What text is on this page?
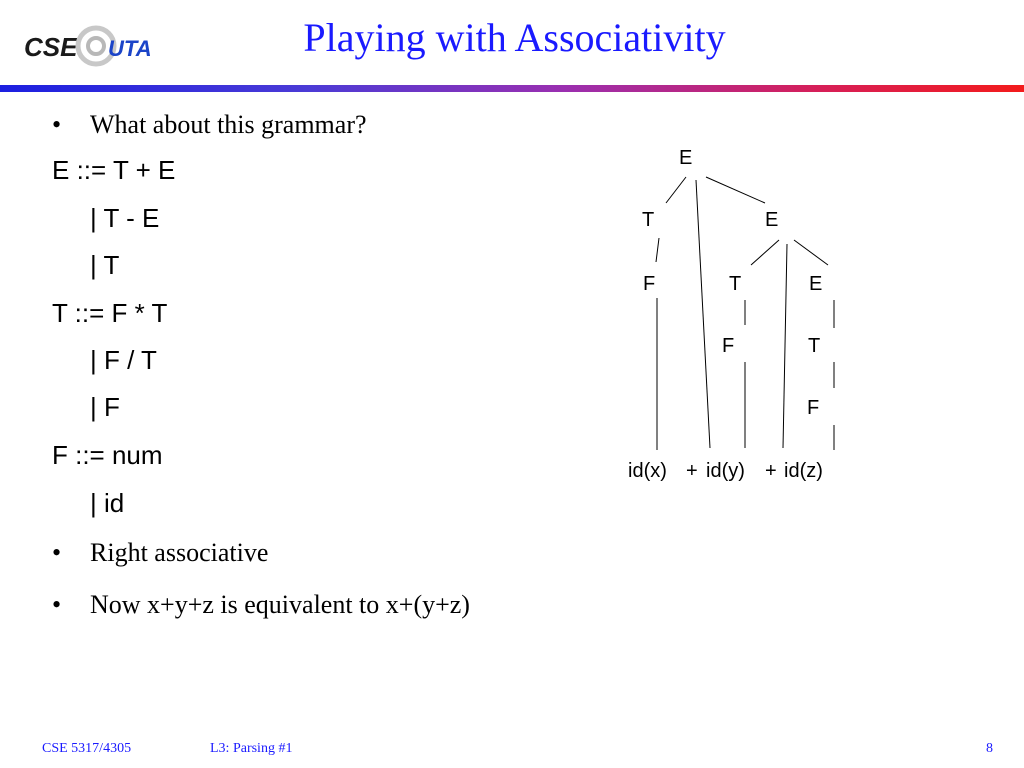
CSE UTA	Playing with Associativity
• What about this grammar?
E ::= T + E
| T - E
| T
T ::= F * T
| F / T
| F
F ::= num
| id
• Right associative
• Now x+y+z is equivalent to x+(y+z)
E
T	E
F	T	E
F	T
F
id(x) + id(y) + id(z)
CSE 5317/4305	L3: Parsing #1	8
